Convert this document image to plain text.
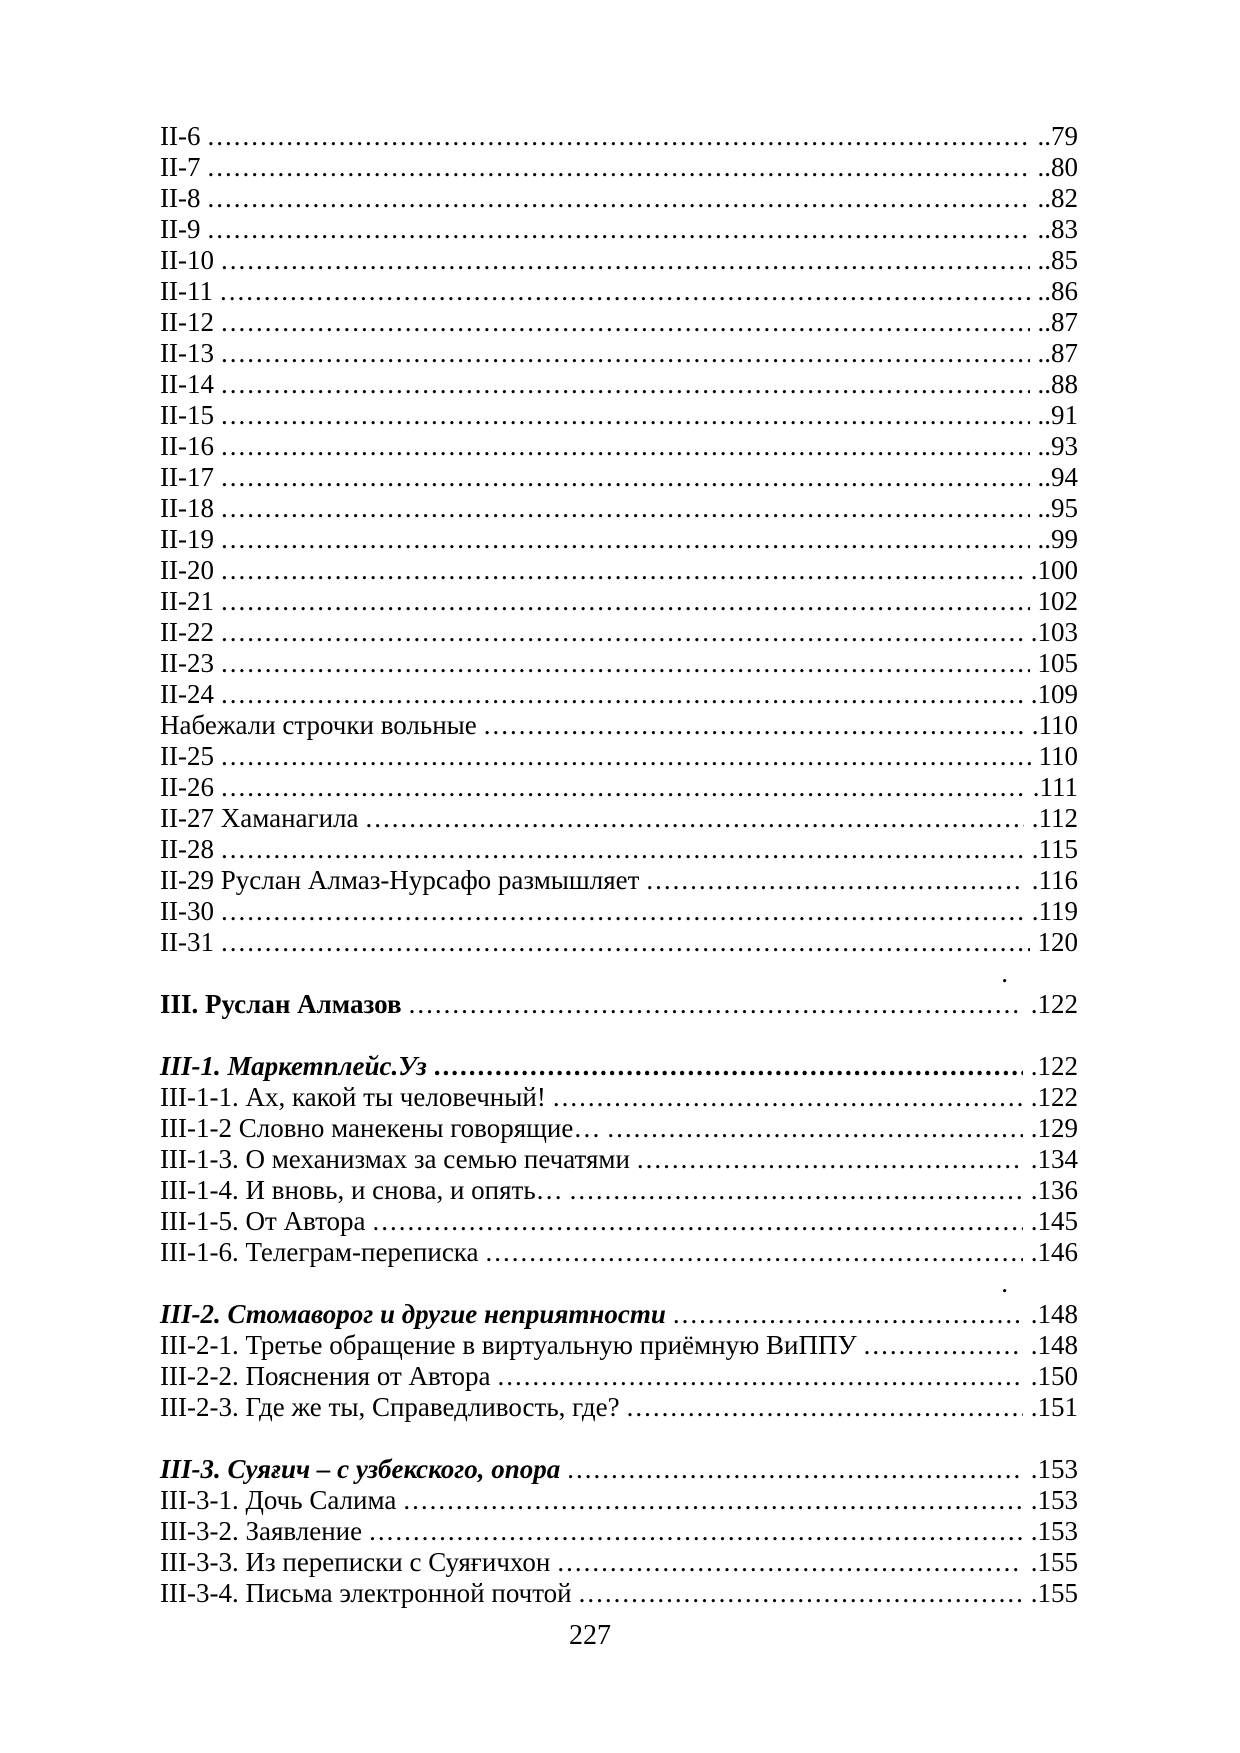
II-6 .....	..79
II-7 .....	..80
II-8 .....	..82
II-9 .....	..83
II-10 .....	..85
II-11 .....	..86
II-12 .....	..87
II-13 .....	..87
II-14 .....	..88
II-15 .....	..91
II-16 .....	..93
II-17 .....	..94
II-18 .....	..95
II-19 .....	..99
II-20 .....	.100
II-21 .....	102
II-22 .....	.103
II-23 .....	105
II-24 .....	.109
Набежали строчки вольные .....	.110
II-25 .....	110
II-26 .....	.111
II-27 Хаманагила .....	.112
II-28 .....	.115
II-29 Руслан Алмаз-Нурсафо размышляет .....	.116
II-30 .....	.119
II-31 .....	120
.
III. Руслан Алмазов .....	.122
III-1. Маркетплейс.Уз .....	.122
III-1-1. Ах, какой ты человечный! .....	.122
III-1-2 Словно манекены говорящие… .....	.129
III-1-3. О механизмах за семью печатями .....	.134
III-1-4. И вновь, и снова, и опять… .....	.136
III-1-5. От Автора .....	.145
III-1-6. Телеграм-переписка .....	.146
.
III-2. Стомаворог и другие неприятности .....	.148
III-2-1. Третье обращение в виртуальную приёмную ВиППУ .....	.148
III-2-2. Пояснения от Автора .....	.150
III-2-3. Где же ты, Справедливость, где? .....	.151
III-3. Суяғич – с узбекского, опора .....	.153
III-3-1. Дочь Салима .....	.153
III-3-2. Заявление .....	.153
III-3-3. Из переписки с Суяғичхон .....	.155
III-3-4. Письма электронной почтой .....	.155
227
